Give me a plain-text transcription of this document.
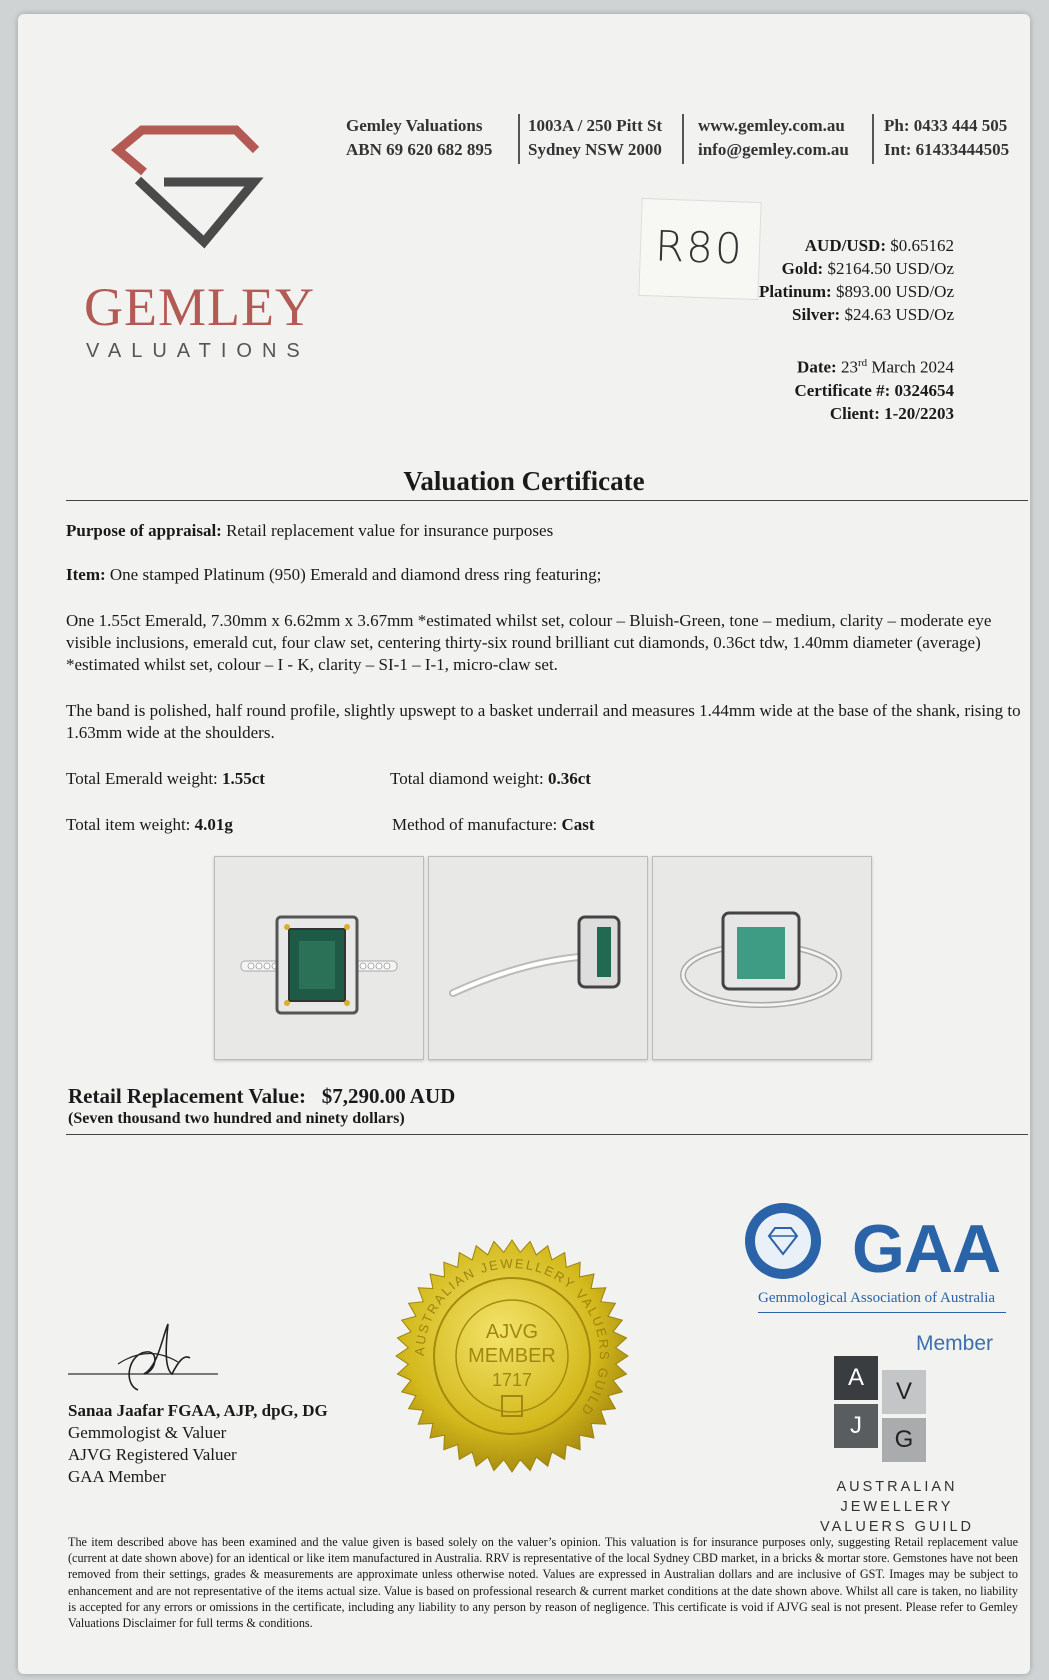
GEMLEY
VALUATIONS
Gemley Valuations
ABN 69 620 682 895
1003A / 250 Pitt St
Sydney NSW 2000
www.gemley.com.au
info@gemley.com.au
Ph: 0433 444 505
Int: 61433444505
R80	AUD/USD: $0.65162
Gold: $2164.50 USD/Oz
Platinum: $893.00 USD/Oz
Silver: $24.63 USD/Oz
Date: 23rd March 2024
Certificate #: 0324654
Client: 1-20/2203
Valuation Certificate
Purpose of appraisal: Retail replacement value for insurance purposes
Item: One stamped Platinum (950) Emerald and diamond dress ring featuring;
One 1.55ct Emerald, 7.30mm x 6.62mm x 3.67mm *estimated whilst set, colour – Bluish-Green, tone – medium, clarity – moderate eye visible inclusions, emerald cut, four claw set, centering thirty-six round brilliant cut diamonds, 0.36ct tdw, 1.40mm diameter (average) *estimated whilst set, colour – I - K, clarity – SI-1 – I-1, micro-claw set.
The band is polished, half round profile, slightly upswept to a basket underrail and measures 1.44mm wide at the base of the shank, rising to 1.63mm wide at the shoulders.
Total Emerald weight: 1.55ct	Total diamond weight: 0.36ct
Total item weight: 4.01g	Method of manufacture: Cast
Retail Replacement Value: $7,290.00 AUD
(Seven thousand two hundred and ninety dollars)
GAA
Gemmological Association of Australia
Member
A
V
J
G
AUSTRALIAN JEWELLERY
VALUERS GUILD
AUSTRALIAN JEWELLERY VALUERS GUILD
AJVG
MEMBER
1717
Sanaa Jaafar FGAA, AJP, dpG, DG
Gemmologist & Valuer
AJVG Registered Valuer
GAA Member
The item described above has been examined and the value given is based solely on the valuer’s opinion. This valuation is for insurance purposes only, suggesting Retail replacement value (current at date shown above) for an identical or like item manufactured in Australia. RRV is representative of the local Sydney CBD market, in a bricks & mortar store. Gemstones have not been removed from their settings, grades & measurements are approximate unless otherwise noted. Values are expressed in Australian dollars and are inclusive of GST. Images may be subject to enhancement and are not representative of the items actual size. Value is based on professional research & current market conditions at the date shown above. Whilst all care is taken, no liability is accepted for any errors or omissions in the certificate, including any liability to any person by reason of negligence. This certificate is void if AJVG seal is not present. Please refer to Gemley Valuations Disclaimer for full terms & conditions.
